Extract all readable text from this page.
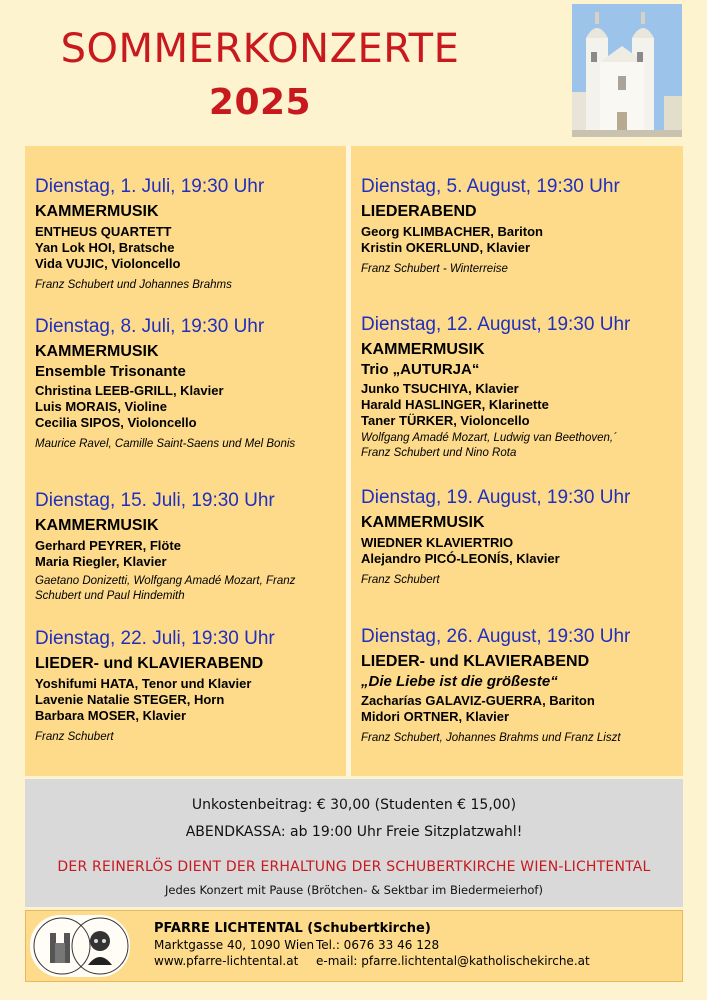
SOMMERKONZERTE
2025
Dienstag, 1. Juli, 19:30 Uhr
KAMMERMUSIK
ENTHEUS QUARTETT
Yan Lok HOI, Bratsche
Vida VUJIC, Violoncello
Franz Schubert und Johannes Brahms
Dienstag, 8. Juli, 19:30 Uhr
KAMMERMUSIK
Ensemble Trisonante
Christina LEEB-GRILL, Klavier
Luis MORAIS, Violine
Cecilia SIPOS, Violoncello
Maurice Ravel, Camille Saint-Saens und Mel Bonis
Dienstag, 15. Juli, 19:30 Uhr
KAMMERMUSIK
Gerhard PEYRER, Flöte
Maria Riegler, Klavier
Gaetano Donizetti, Wolfgang Amadé Mozart, Franz
Schubert und Paul Hindemith
Dienstag, 22. Juli, 19:30 Uhr
LIEDER- und KLAVIERABEND
Yoshifumi HATA, Tenor und Klavier
Lavenie Natalie STEGER, Horn
Barbara MOSER, Klavier
Franz Schubert
Dienstag, 5. August, 19:30 Uhr
LIEDERABEND
Georg KLIMBACHER, Bariton
Kristin OKERLUND, Klavier
Franz Schubert - Winterreise
Dienstag, 12. August, 19:30 Uhr
KAMMERMUSIK
Trio „AUTURJA“
Junko TSUCHIYA, Klavier
Harald HASLINGER, Klarinette
Taner TÜRKER, Violoncello
Wolfgang Amadé Mozart, Ludwig van Beethoven,´
Franz Schubert und Nino Rota
Dienstag, 19. August, 19:30 Uhr
KAMMERMUSIK
WIEDNER KLAVIERTRIO
Alejandro PICÓ-LEONÍS, Klavier
Franz Schubert
Dienstag, 26. August, 19:30 Uhr
LIEDER- und KLAVIERABEND
„Die Liebe ist die größeste“
Zacharías GALAVIZ-GUERRA, Bariton
Midori ORTNER, Klavier
Franz Schubert, Johannes Brahms und Franz Liszt
Unkostenbeitrag: € 30,00 (Studenten € 15,00)
ABENDKASSA: ab 19:00 Uhr Freie Sitzplatzwahl!
DER REINERLÖS DIENT DER ERHALTUNG DER SCHUBERTKIRCHE WIEN-LICHTENTAL
Jedes Konzert mit Pause (Brötchen- & Sektbar im Biedermeierhof)
PFARRE LICHTENTAL (Schubertkirche)
Marktgasse 40, 1090 Wien Tel.: 0676 33 46 128
www.pfarre-lichtental.at e-mail: pfarre.lichtental@katholischekirche.at
